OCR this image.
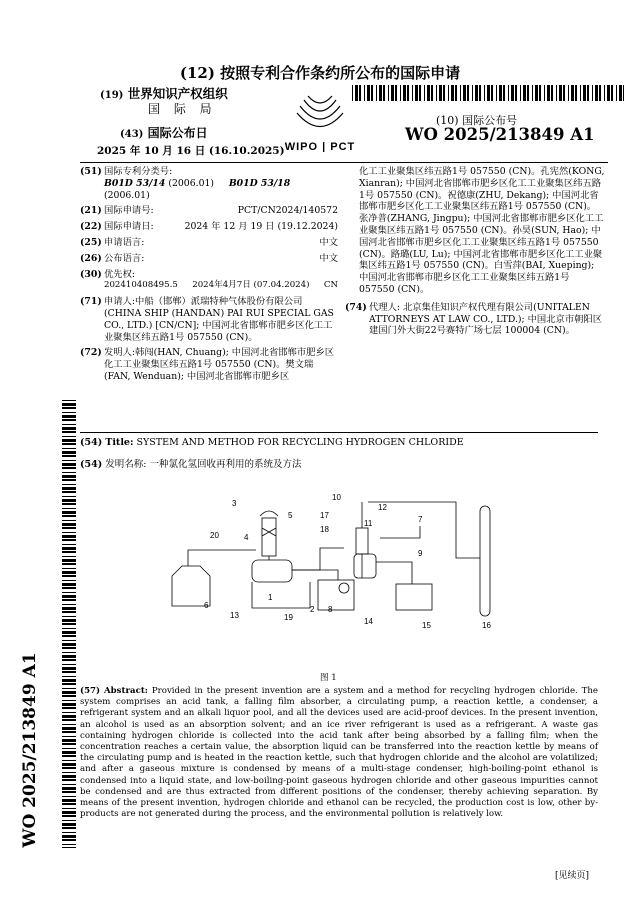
(12) 按照专利合作条约所公布的国际申请
(19) 世界知识产权组织
国 际 局
(43) 国际公布日
2025 年 10 月 16 日 (16.10.2025) WIPO | PCT
(10) 国际公布号
WO 2025/213849 A1
(51) 国际专利分类号:
B01D 53/14 (2006.01) B01D 53/18 (2006.01)
(21) 国际申请号:	PCT/CN2024/140572
(22) 国际申请日:	2024 年 12 月 19 日 (19.12.2024)
(25) 申请语言:	中文
(26) 公布语言:	中文
(30) 优先权:
202410408495.5 2024年4月7日 (07.04.2024) CN
(71) 申请人:中船（邯郸）派瑞特种气体股份有限公司(CHINA SHIP (HANDAN) PAI RUI SPECIAL GAS CO., LTD.) [CN/CN]; 中国河北省邯郸市肥乡区化工工业聚集区纬五路1号 057550 (CN)。
(72) 发明人:韩闯(HAN, Chuang); 中国河北省邯郸市肥乡区化工工业聚集区纬五路1号 057550 (CN)。樊文瑞(FAN, Wenduan); 中国河北省邯郸市肥乡区
化工工业聚集区纬五路1号 057550 (CN)。孔宪然(KONG, Xianran); 中国河北省邯郸市肥乡区化工工业聚集区纬五路1号 057550 (CN)。祝德康(ZHU, Dekang); 中国河北省邯郸市肥乡区化工工业聚集区纬五路1号 057550 (CN)。张净普(ZHANG, Jingpu); 中国河北省邯郸市肥乡区化工工业聚集区纬五路1号 057550 (CN)。孙昊(SUN, Hao); 中国河北省邯郸市肥乡区化工工业聚集区纬五路1号 057550 (CN)。路璐(LU, Lu); 中国河北省邯郸市肥乡区化工工业聚集区纬五路1号 057550 (CN)。白雪萍(BAI, Xueping); 中国河北省邯郸市肥乡区化工工业聚集区纬五路1号 057550 (CN)。
(74) 代理人: 北京集佳知识产权代理有限公司(UNITALEN ATTORNEYS AT LAW CO., LTD.); 中国北京市朝阳区建国门外大街22号赛特广场七层 100004 (CN)。
(54) Title: SYSTEM AND METHOD FOR RECYCLING HYDROGEN CHLORIDE
(54) 发明名称: 一种氯化氢回收再利用的系统及方法
1
2
3
4
5
6
7
8
9
10
11
12
13
14	15	16
17
18
19
20
图 1
(57) Abstract: Provided in the present invention are a system and a method for recycling hydrogen chloride. The system comprises an acid tank, a falling film absorber, a circulating pump, a reaction kettle, a condenser, a refrigerant system and an alkali liquor pool, and all the devices used are acid-proof devices. In the present invention, an alcohol is used as an absorption solvent; and an ice river refrigerant is used as a refrigerant. A waste gas containing hydrogen chloride is collected into the acid tank after being absorbed by a falling film; when the concentration reaches a certain value, the absorption liquid can be transferred into the reaction kettle by means of the circulating pump and is heated in the reaction kettle, such that hydrogen chloride and the alcohol are volatilized; and after a gaseous mixture is condensed by means of a multi-stage condenser, high-boiling-point ethanol is condensed into a liquid state, and low-boiling-point gaseous hydrogen chloride and other gaseous impurities cannot be condensed and are thus extracted from different positions of the condenser, thereby achieving separation. By means of the present invention, hydrogen chloride and ethanol can be recycled, the production cost is low, other by-products are not generated during the process, and the environmental pollution is relatively low.
[见续页]
WO 2025/213849 A1
